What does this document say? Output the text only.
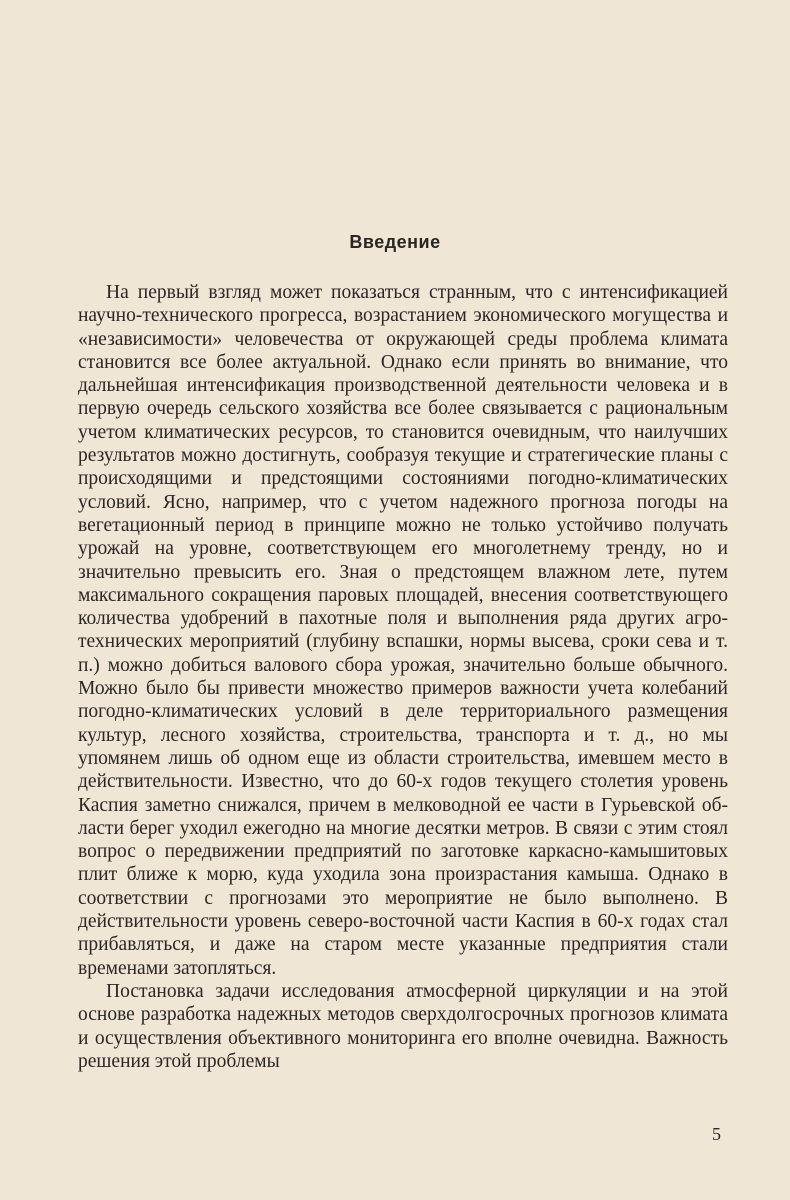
Введение

На первый взгляд может показаться странным, что с интенсификацией научно-технического прогресса, возрастанием экономического могущества и «независимости» человечества от окружающей среды проблема климата становится все более актуальной. Однако если принять во внимание, что дальнейшая интенсификация производственной деятельности человека и в первую очередь сельского хозяйства все более связывается с рациональным учетом климатических ресурсов, то становится очевидным, что наилучших результатов можно достигнуть, сообразуя текущие и стратегические планы с происходящими и предстоящими состояниями погодно-климатических условий. Ясно, например, что с учетом надежного прогноза погоды на вегетационный период в принципе можно не только устойчиво получать урожай на уровне, соответствующем его многолетнему тренду, но и значительно превысить его. Зная о предстоящем влажном лете, путем максимального сокращения паровых площадей, внесения соответствующего количества удобрений в пахотные поля и выполнения ряда других агротехнических мероприятий (глубину вспашки, нормы высева, сроки сева и т. п.) можно добиться валового сбора урожая, значительно больше обычного. Можно было бы привести множество примеров важности учета колебаний погодно-климатических условий в деле территориального размещения культур, лесного хозяйства, строительства, транспорта и т. д., но мы упомянем лишь об одном еще из области строительства, имевшем место в действительности. Известно, что до 60-х годов текущего столетия уровень Каспия заметно снижался, причем в мелководной ее части в Гурьевской области берег уходил ежегодно на многие десятки метров. В связи с этим стоял вопрос о передвижении предприятий по заготовке каркасно-камышитовых плит ближе к морю, куда уходила зона произрастания камыша. Однако в соответствии с прогнозами это мероприятие не было выполнено. В действительности уровень северо-восточной части Каспия в 60-х годах стал прибавляться, и даже на старом месте указанные предприятия стали временами затопляться.

Постановка задачи исследования атмосферной циркуляции и на этой основе разработка надежных методов сверхдолгосрочных прогнозов климата и осуществления объективного мониторинга его вполне очевидна. Важность решения этой проблемы

5
